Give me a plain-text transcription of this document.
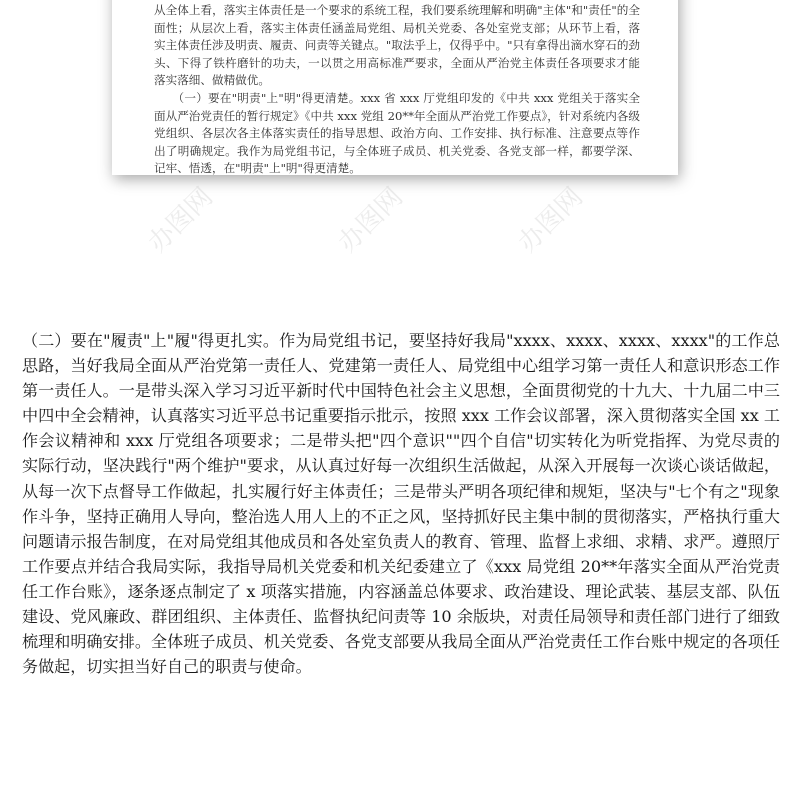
从全体上看，落实主体责任是一个要求的系统工程，我们要系统理解和明确"主体"和"责任"的全面性；从层次上看，落实主体责任涵盖局党组、局机关党委、各处室党支部；从环节上看，落实主体责任涉及明责、履责、问责等关键点。"取法乎上，仅得乎中。"只有拿得出滴水穿石的劲头、下得了铁杵磨针的功夫，一以贯之用高标准严要求，全面从严治党主体责任各项要求才能落实落细、做精做优。

（一）要在"明责"上"明"得更清楚。xxx 省 xxx 厅党组印发的《中共 xxx 党组关于落实全面从严治党责任的暂行规定》《中共 xxx 党组 20**年全面从严治党工作要点》，针对系统内各级党组织、各层次各主体落实责任的指导思想、政治方向、工作安排、执行标准、注意要点等作出了明确规定。我作为局党组书记，与全体班子成员、机关党委、各党支部一样，都要学深、记牢、悟透，在"明责"上"明"得更清楚。

办图网	办图网	办图网

（二）要在"履责"上"履"得更扎实。作为局党组书记，要坚持好我局"xxxx、xxxx、xxxx、xxxx"的工作总思路，当好我局全面从严治党第一责任人、党建第一责任人、局党组中心组学习第一责任人和意识形态工作第一责任人。一是带头深入学习习近平新时代中国特色社会主义思想，全面贯彻党的十九大、十九届二中三中四中全会精神，认真落实习近平总书记重要指示批示，按照 xxx 工作会议部署，深入贯彻落实全国 xx 工作会议精神和 xxx 厅党组各项要求；二是带头把"四个意识""四个自信"切实转化为听党指挥、为党尽责的实际行动，坚决践行"两个维护"要求，从认真过好每一次组织生活做起，从深入开展每一次谈心谈话做起，从每一次下点督导工作做起，扎实履行好主体责任；三是带头严明各项纪律和规矩，坚决与"七个有之"现象作斗争，坚持正确用人导向，整治选人用人上的不正之风，坚持抓好民主集中制的贯彻落实，严格执行重大问题请示报告制度，在对局党组其他成员和各处室负责人的教育、管理、监督上求细、求精、求严。遵照厅工作要点并结合我局实际，我指导局机关党委和机关纪委建立了《xxx 局党组 20**年落实全面从严治党责任工作台账》，逐条逐点制定了 x 项落实措施，内容涵盖总体要求、政治建设、理论武装、基层支部、队伍建设、党风廉政、群团组织、主体责任、监督执纪问责等 10 余版块，对责任局领导和责任部门进行了细致梳理和明确安排。全体班子成员、机关党委、各党支部要从我局全面从严治党责任工作台账中规定的各项任务做起，切实担当好自己的职责与使命。
